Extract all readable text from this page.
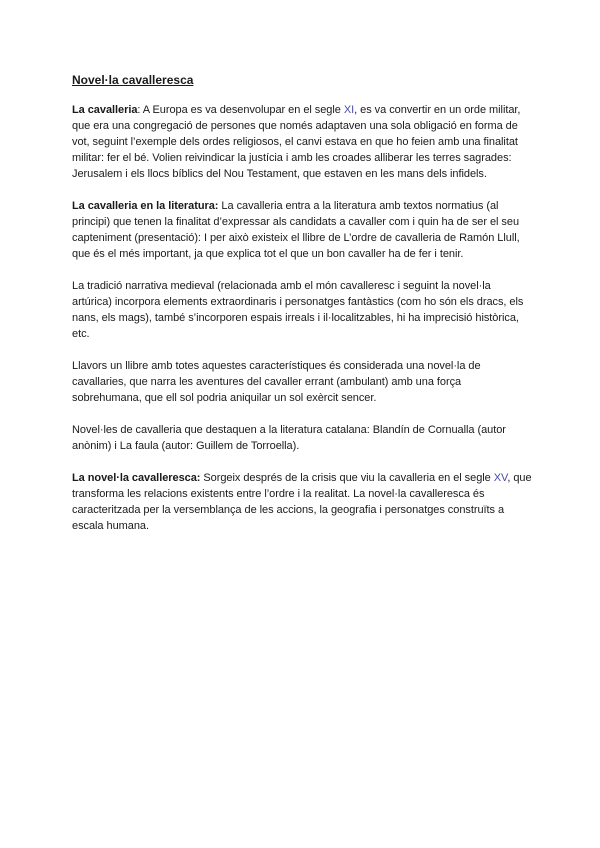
Novel·la cavalleresca

La cavalleria: A Europa es va desenvolupar en el segle XI, es va convertir en un orde militar, que era una congregació de persones que només adaptaven una sola obligació en forma de vot, seguint l’exemple dels ordes religiosos, el canvi estava en que ho feien amb una finalitat militar: fer el bé. Volien reivindicar la justícia i amb les croades alliberar les terres sagrades: Jerusalem i els llocs bíblics del Nou Testament, que estaven en les mans dels infidels.

La cavalleria en la literatura: La cavalleria entra a la literatura amb textos normatius (al principi) que tenen la finalitat d’expressar als candidats a cavaller com i quin ha de ser el seu capteniment (presentació): I per això existeix el llibre de L’ordre de cavalleria de Ramón Llull, que és el més important, ja que explica tot el que un bon cavaller ha de fer i tenir.

La tradició narrativa medieval (relacionada amb el món cavalleresc i seguint la novel·la artúrica) incorpora elements extraordinaris i personatges fantàstics (com ho són els dracs, els nans, els mags), també s’incorporen espais irreals i il·localitzables, hi ha imprecisió històrica, etc.

Llavors un llibre amb totes aquestes característiques és considerada una novel·la de cavallaries, que narra les aventures del cavaller errant (ambulant) amb una força sobrehumana, que ell sol podria aniquilar un sol exèrcit sencer.

Novel·les de cavalleria que destaquen a la literatura catalana: Blandín de Cornualla (autor anònim) i La faula (autor: Guillem de Torroella).

La novel·la cavalleresca: Sorgeix després de la crisis que viu la cavalleria en el segle XV, que transforma les relacions existents entre l’ordre i la realitat. La novel·la cavalleresca és caracteritzada per la versemblança de les accions, la geografia i personatges construïts a escala humana.
